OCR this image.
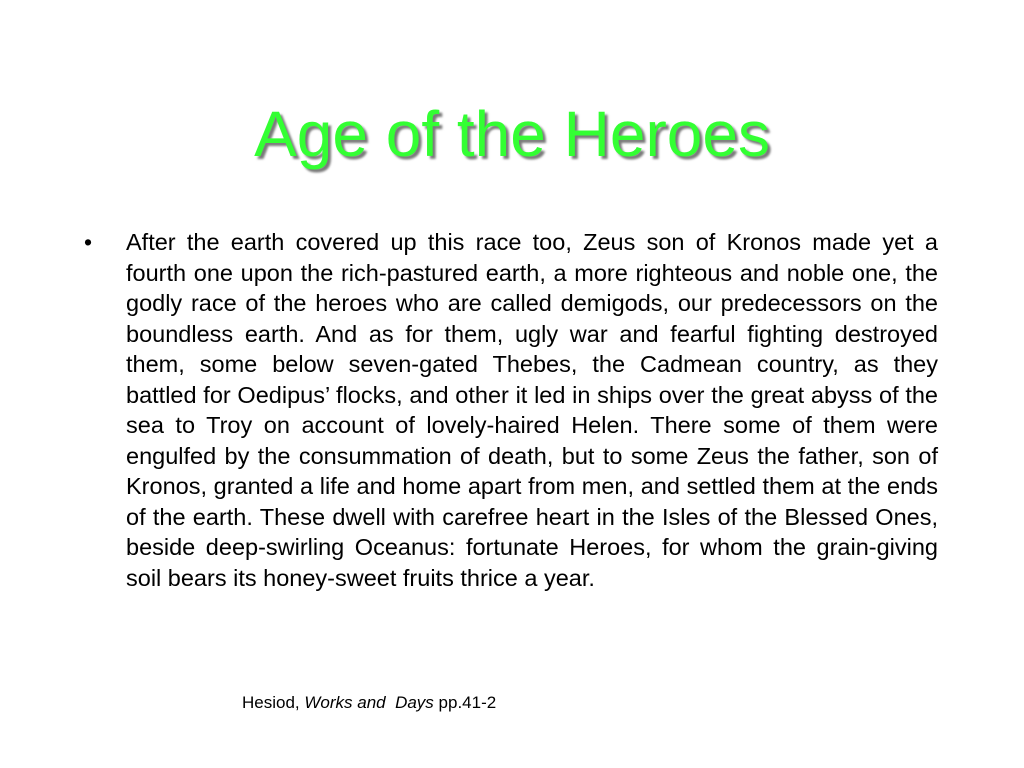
Age of the Heroes
• After the earth covered up this race too, Zeus son of Kronos made yet a fourth one upon the rich-pastured earth, a more righteous and noble one, the godly race of the heroes who are called demigods, our predecessors on the boundless earth. And as for them, ugly war and fearful fighting destroyed them, some below seven-gated Thebes, the Cadmean country, as they battled for Oedipus’ flocks, and other it led in ships over the great abyss of the sea to Troy on account of lovely-haired Helen. There some of them were engulfed by the consummation of death, but to some Zeus the father, son of Kronos, granted a life and home apart from men, and settled them at the ends of the earth. These dwell with carefree heart in the Isles of the Blessed Ones, beside deep-swirling Oceanus: fortunate Heroes, for whom the grain-giving soil bears its honey-sweet fruits thrice a year.

Hesiod, Works and  Days pp.41-2
